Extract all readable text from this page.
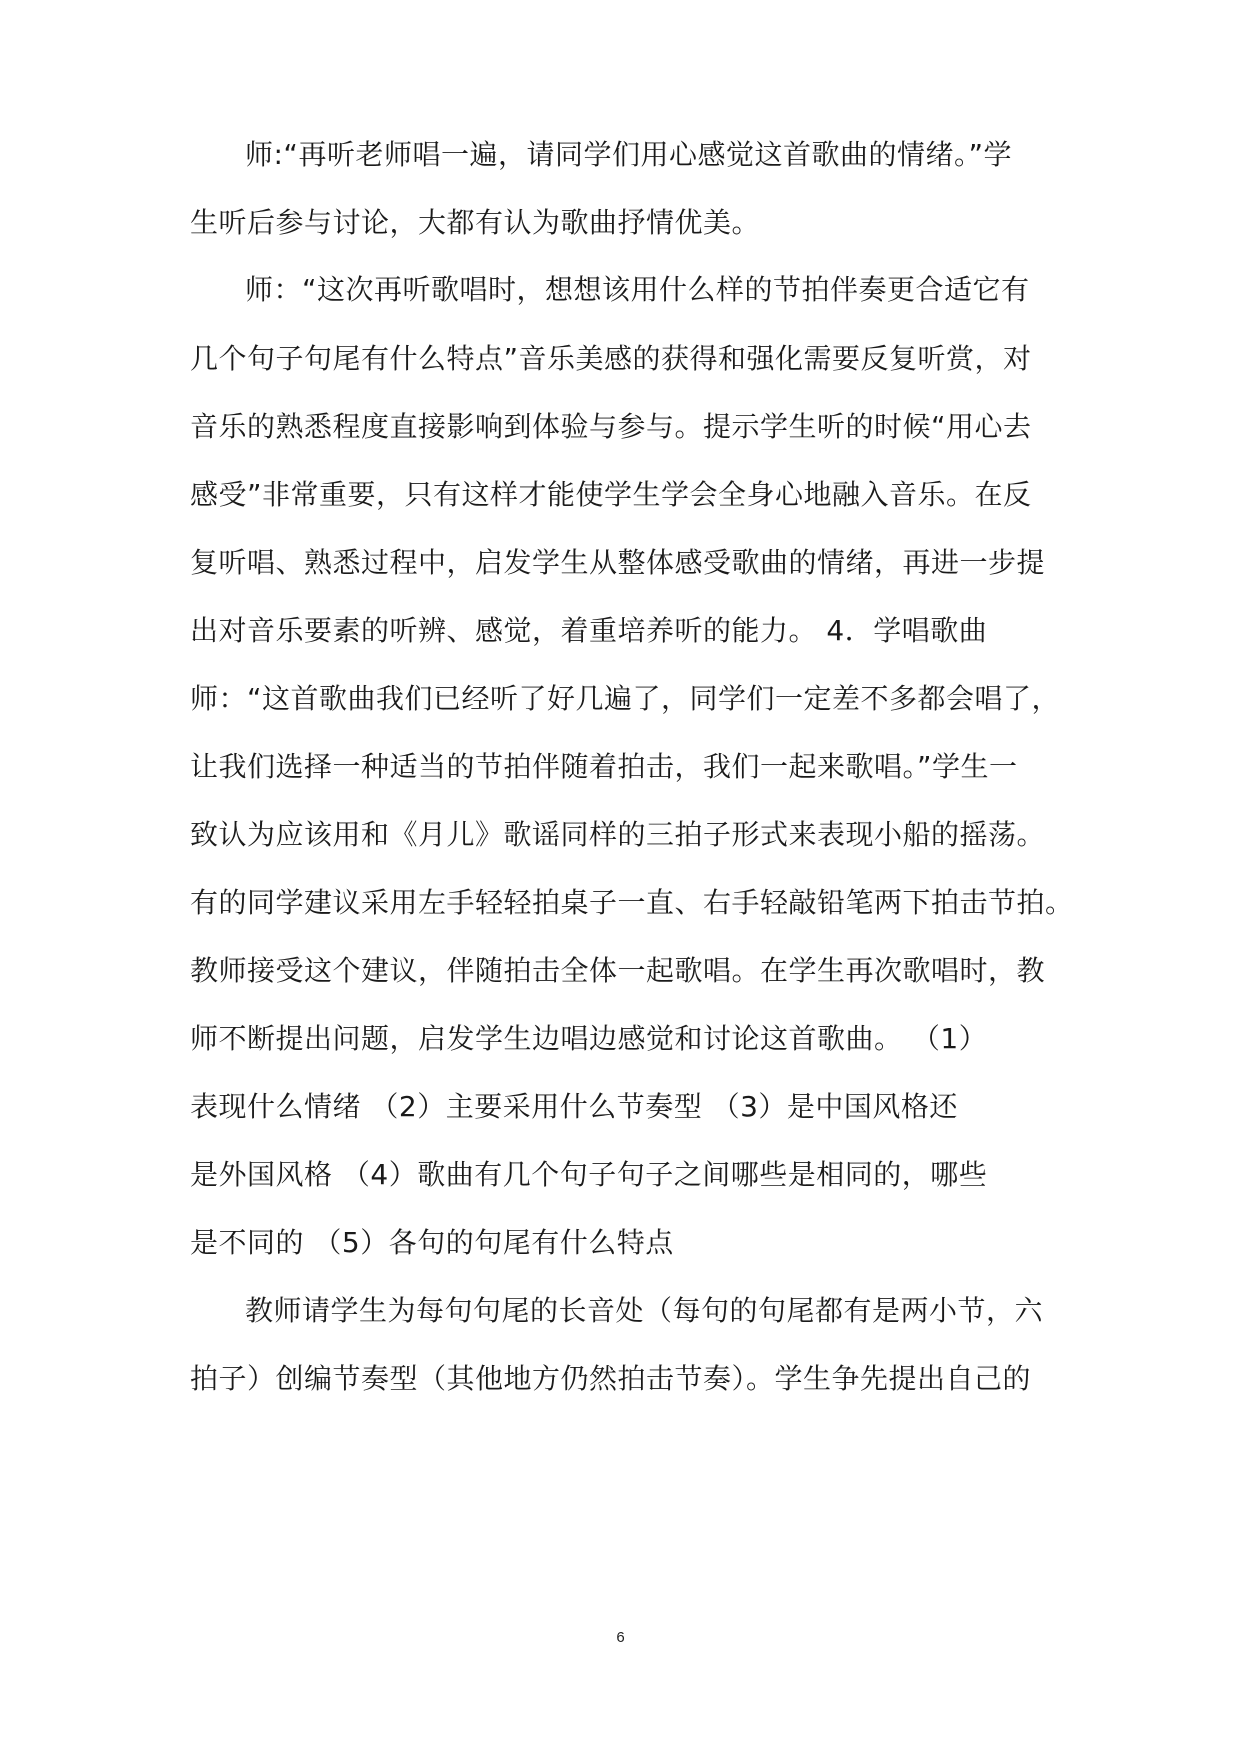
师:“再听老师唱一遍，请同学们用心感觉这首歌曲的情绪。”学
生听后参与讨论，大都有认为歌曲抒情优美。
师：“这次再听歌唱时，想想该用什么样的节拍伴奏更合适它有
几个句子句尾有什么特点”音乐美感的获得和强化需要反复听赏，对
音乐的熟悉程度直接影响到体验与参与。提示学生听的时候“用心去
感受”非常重要，只有这样才能使学生学会全身心地融入音乐。在反
复听唱、熟悉过程中，启发学生从整体感受歌曲的情绪，再进一步提
出对音乐要素的听辨、感觉，着重培养听的能力。 4．学唱歌曲
师：“这首歌曲我们已经听了好几遍了，同学们一定差不多都会唱了，
让我们选择一种适当的节拍伴随着拍击，我们一起来歌唱。”学生一
致认为应该用和《月儿》歌谣同样的三拍子形式来表现小船的摇荡。
有的同学建议采用左手轻轻拍桌子一直、右手轻敲铅笔两下拍击节拍。
教师接受这个建议，伴随拍击全体一起歌唱。在学生再次歌唱时，教
师不断提出问题，启发学生边唱边感觉和讨论这首歌曲。 （1）
表现什么情绪 （2）主要采用什么节奏型 （3）是中国风格还
是外国风格 （4）歌曲有几个句子句子之间哪些是相同的，哪些
是不同的 （5）各句的句尾有什么特点
教师请学生为每句句尾的长音处（每句的句尾都有是两小节，六
拍子）创编节奏型（其他地方仍然拍击节奏）。学生争先提出自己的
6
